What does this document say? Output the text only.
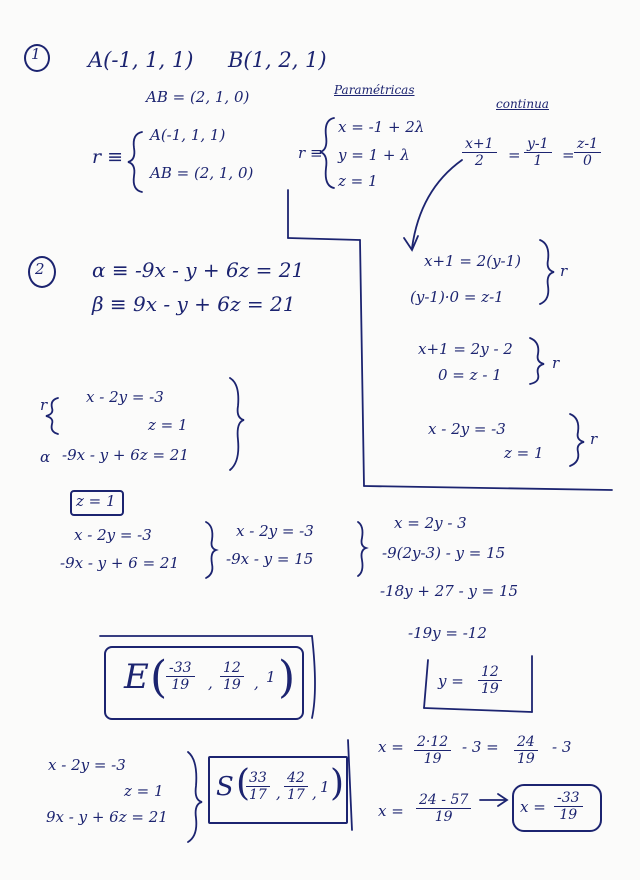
1 A(-1, 1, 1) B(1, 2, 1)
AB = (2, 1, 0)
r ≡
A(-1, 1, 1)
AB = (2, 1, 0)
Paramétricas
r ≡
x = -1 + 2λ
y = 1 + λ
z = 1
continua
$\frac{x+1}{2} = \frac{y-1}{1} = \frac{z-1}{0}$
x+1 = 2(y-1)
(y-1)·0 = z-1
r
x+1 = 2y - 2
0 = z - 1
r
x - 2y = -3
z = 1
r
2 α ≡ -9x - y + 6z = 21
β ≡ 9x - y + 6z = 21
r	x - 2y = -3
z = 1
α -9x - y + 6z = 21
z = 1
x - 2y = -3
-9x - y + 6 = 21
x - 2y = -3
-9x - y = 15
x = 2y - 3
-9(2y-3) - y = 15
-18y + 27 - y = 15
-19y = -12
$y = \frac{12}{19}$
E (
$\frac{-33}{19}$ , $\frac{12}{19}$ , 1 )
$x = \frac{2\cdot 12}{19} - 3 = \frac{24}{19} - 3$
$x = \frac{24 - 57}{19}$	$x = \frac{-33}{19}$
x - 2y = -3
z = 1
9x - y + 6z = 21
S (
$\frac{33}{17}$ , $\frac{42}{17}$ , 1 )
